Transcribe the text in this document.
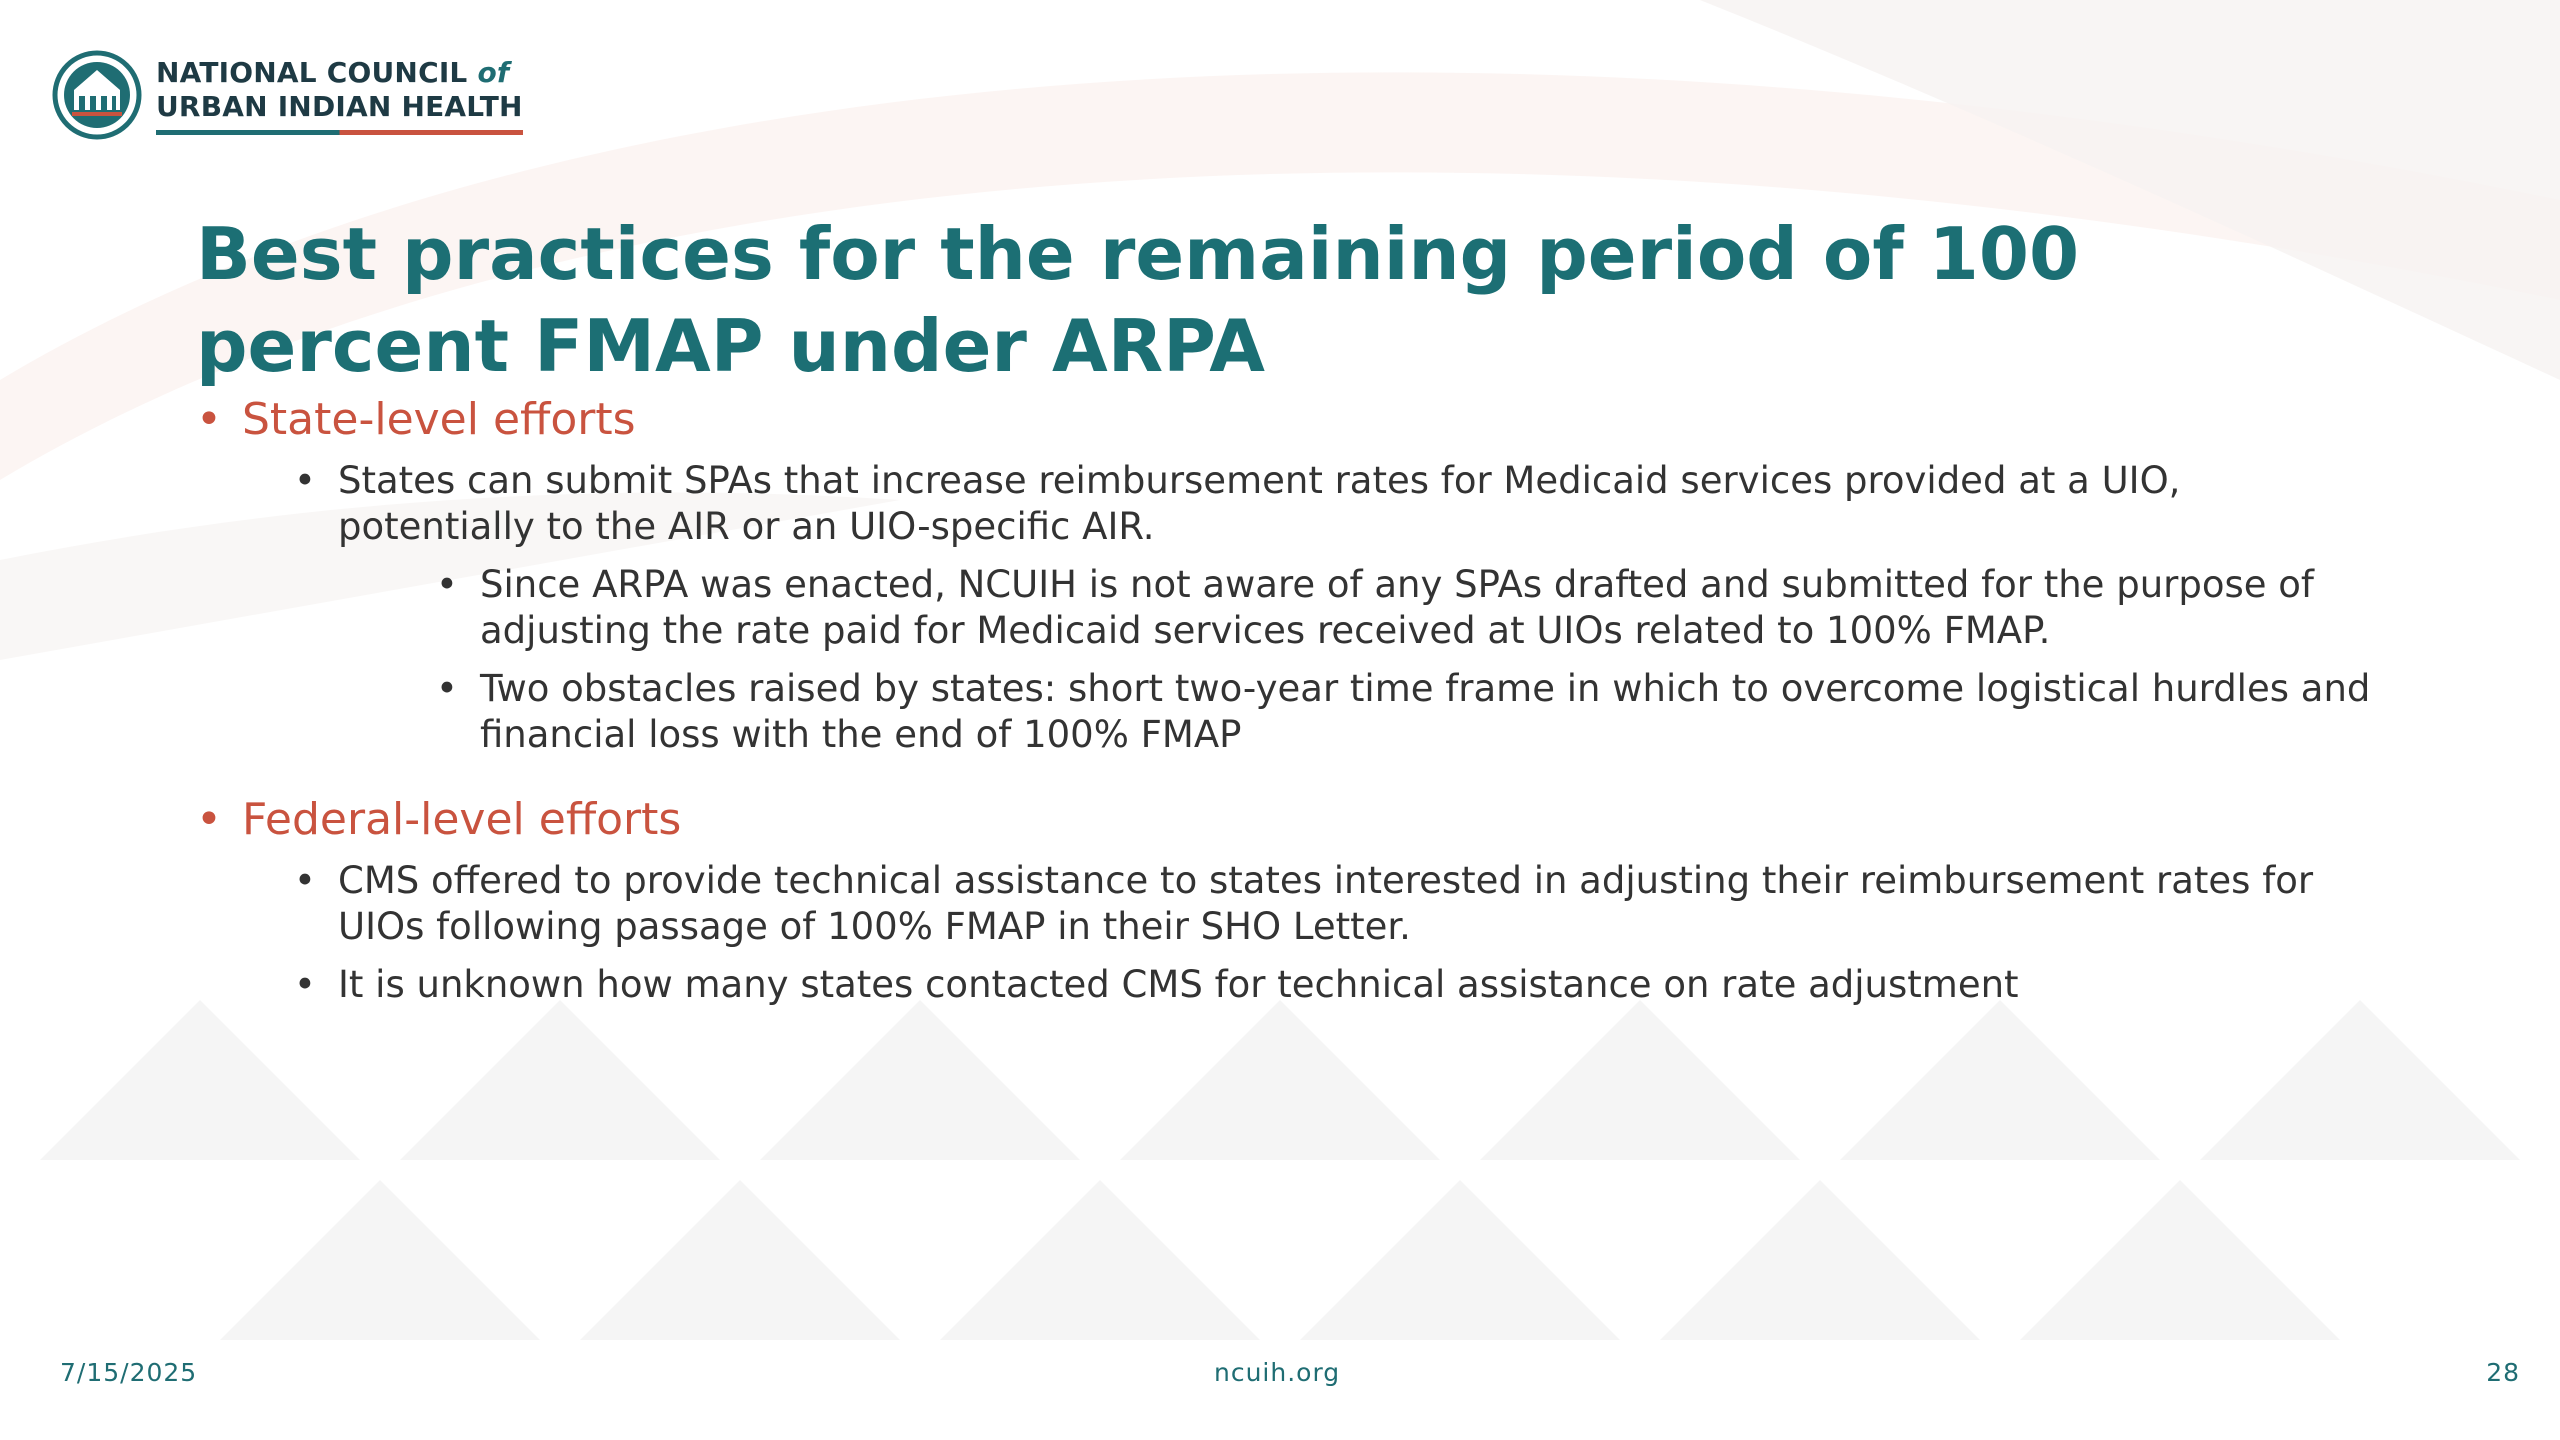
NATIONAL COUNCIL of
URBAN INDIAN HEALTH
Best practices for the remaining period of 100 percent FMAP under ARPA
• State-level efforts
• States can submit SPAs that increase reimbursement rates for Medicaid services provided at a UIO, potentially to the AIR or an UIO-specific AIR.
• Since ARPA was enacted, NCUIH is not aware of any SPAs drafted and submitted for the purpose of adjusting the rate paid for Medicaid services received at UIOs related to 100% FMAP.
• Two obstacles raised by states: short two-year time frame in which to overcome logistical hurdles and financial loss with the end of 100% FMAP
• Federal-level efforts
• CMS offered to provide technical assistance to states interested in adjusting their reimbursement rates for UIOs following passage of 100% FMAP in their SHO Letter.
• It is unknown how many states contacted CMS for technical assistance on rate adjustment
7/15/2025	ncuih.org	28
